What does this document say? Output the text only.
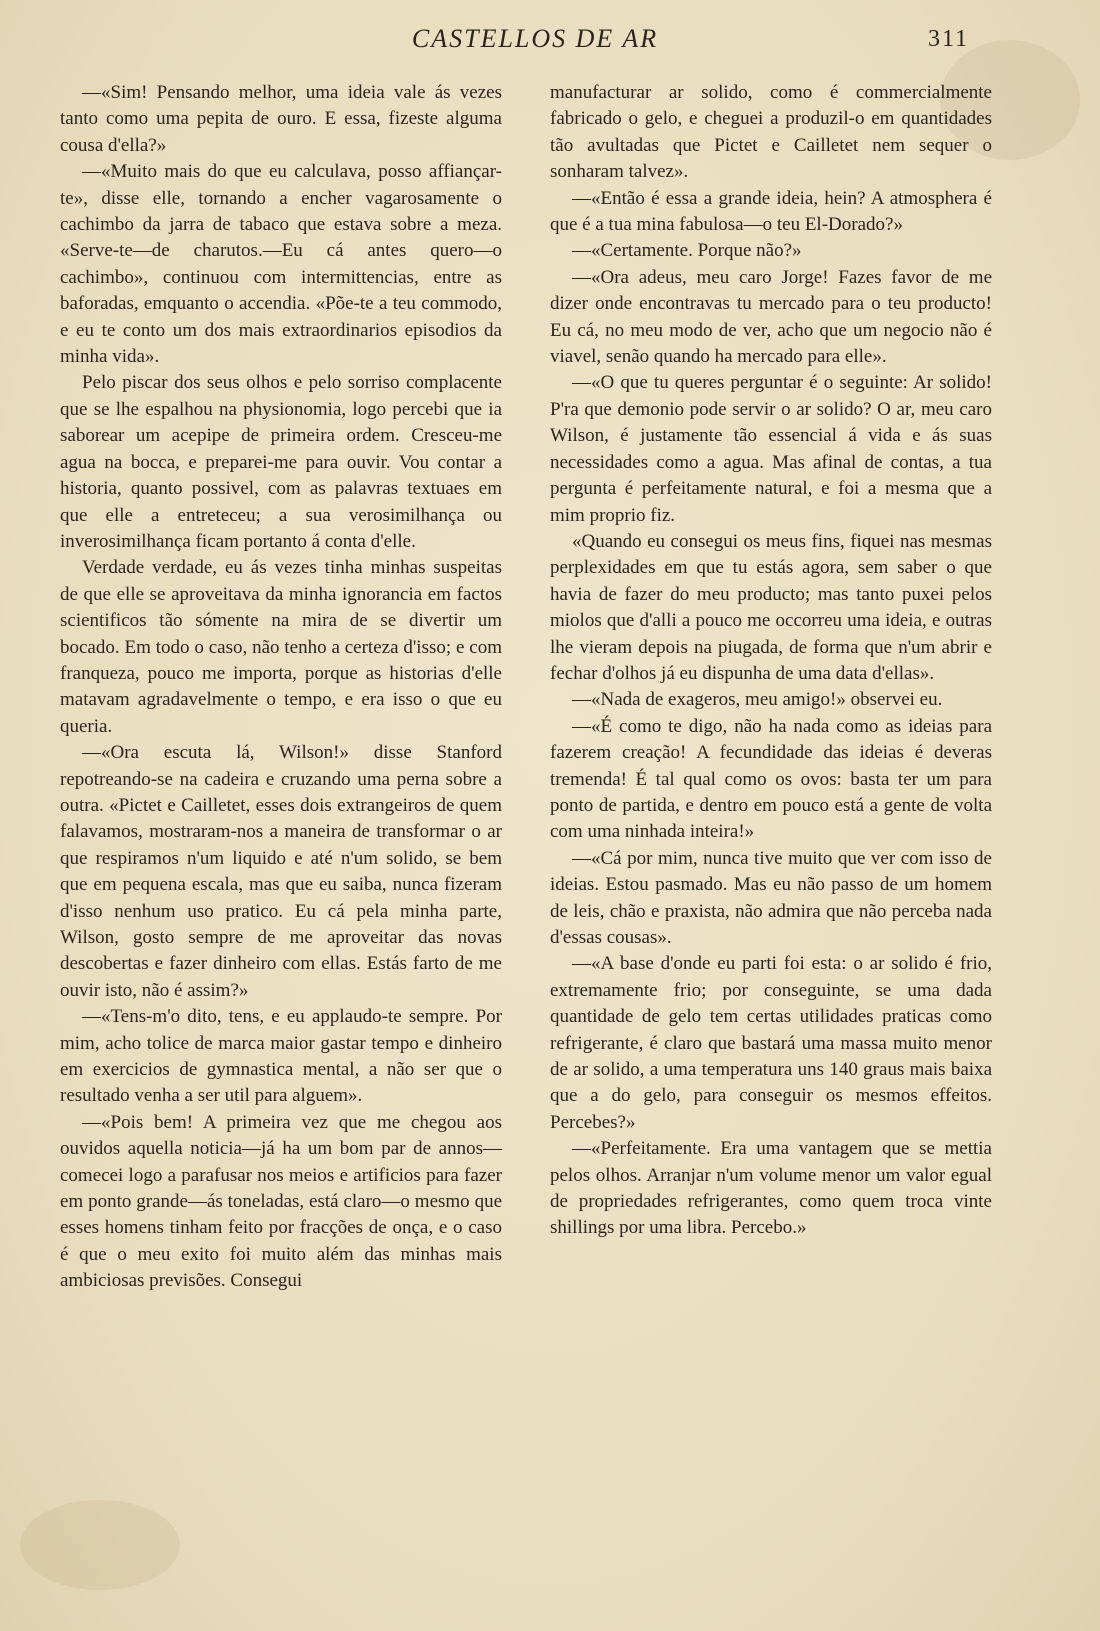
CASTELLOS DE AR	311

—«Sim! Pensando melhor, uma ideia vale ás vezes tanto como uma pepita de ouro. E essa, fizeste alguma cousa d'ella?»

—«Muito mais do que eu calculava, posso affiançar-te», disse elle, tornando a encher vagarosamente o cachimbo da jarra de tabaco que estava sobre a meza. «Serve-te—de charutos.—Eu cá antes quero—o cachimbo», continuou com intermittencias, entre as baforadas, emquanto o accendia. «Põe-te a teu commodo, e eu te conto um dos mais extraordinarios episodios da minha vida».

Pelo piscar dos seus olhos e pelo sorriso complacente que se lhe espalhou na physionomia, logo percebi que ia saborear um acepipe de primeira ordem. Cresceu-me agua na bocca, e preparei-me para ouvir. Vou contar a historia, quanto possivel, com as palavras textuaes em que elle a entreteceu; a sua verosimilhança ou inverosimilhança ficam portanto á conta d'elle.

Verdade verdade, eu ás vezes tinha minhas suspeitas de que elle se aproveitava da minha ignorancia em factos scientificos tão sómente na mira de se divertir um bocado. Em todo o caso, não tenho a certeza d'isso; e com franqueza, pouco me importa, porque as historias d'elle matavam agradavelmente o tempo, e era isso o que eu queria.

—«Ora escuta lá, Wilson!» disse Stanford repotreando-se na cadeira e cruzando uma perna sobre a outra. «Pictet e Cailletet, esses dois extrangeiros de quem falavamos, mostraram-nos a maneira de transformar o ar que respiramos n'um liquido e até n'um solido, se bem que em pequena escala, mas que eu saiba, nunca fizeram d'isso nenhum uso pratico. Eu cá pela minha parte, Wilson, gosto sempre de me aproveitar das novas descobertas e fazer dinheiro com ellas. Estás farto de me ouvir isto, não é assim?»

—«Tens-m'o dito, tens, e eu applaudo-te sempre. Por mim, acho tolice de marca maior gastar tempo e dinheiro em exercicios de gymnastica mental, a não ser que o resultado venha a ser util para alguem».

—«Pois bem! A primeira vez que me chegou aos ouvidos aquella noticia—já ha um bom par de annos—comecei logo a parafusar nos meios e artificios para fazer em ponto grande—ás toneladas, está claro—o mesmo que esses homens tinham feito por fracções de onça, e o caso é que o meu exito foi muito além das minhas mais ambiciosas previsões. Consegui

manufacturar ar solido, como é commercialmente fabricado o gelo, e cheguei a produzil-o em quantidades tão avultadas que Pictet e Cailletet nem sequer o sonharam talvez».

—«Então é essa a grande ideia, hein? A atmosphera é que é a tua mina fabulosa—o teu El-Dorado?»

—«Certamente. Porque não?»

—«Ora adeus, meu caro Jorge! Fazes favor de me dizer onde encontravas tu mercado para o teu producto! Eu cá, no meu modo de ver, acho que um negocio não é viavel, senão quando ha mercado para elle».

—«O que tu queres perguntar é o seguinte: Ar solido! P'ra que demonio pode servir o ar solido? O ar, meu caro Wilson, é justamente tão essencial á vida e ás suas necessidades como a agua. Mas afinal de contas, a tua pergunta é perfeitamente natural, e foi a mesma que a mim proprio fiz.

«Quando eu consegui os meus fins, fiquei nas mesmas perplexidades em que tu estás agora, sem saber o que havia de fazer do meu producto; mas tanto puxei pelos miolos que d'alli a pouco me occorreu uma ideia, e outras lhe vieram depois na piugada, de forma que n'um abrir e fechar d'olhos já eu dispunha de uma data d'ellas».

—«Nada de exageros, meu amigo!» observei eu.

—«É como te digo, não ha nada como as ideias para fazerem creação! A fecundidade das ideias é deveras tremenda! É tal qual como os ovos: basta ter um para ponto de partida, e dentro em pouco está a gente de volta com uma ninhada inteira!»

—«Cá por mim, nunca tive muito que ver com isso de ideias. Estou pasmado. Mas eu não passo de um homem de leis, chão e praxista, não admira que não perceba nada d'essas cousas».

—«A base d'onde eu parti foi esta: o ar solido é frio, extremamente frio; por conseguinte, se uma dada quantidade de gelo tem certas utilidades praticas como refrigerante, é claro que bastará uma massa muito menor de ar solido, a uma temperatura uns 140 graus mais baixa que a do gelo, para conseguir os mesmos effeitos. Percebes?»

—«Perfeitamente. Era uma vantagem que se mettia pelos olhos. Arranjar n'um volume menor um valor egual de propriedades refrigerantes, como quem troca vinte shillings por uma libra. Percebo.»
